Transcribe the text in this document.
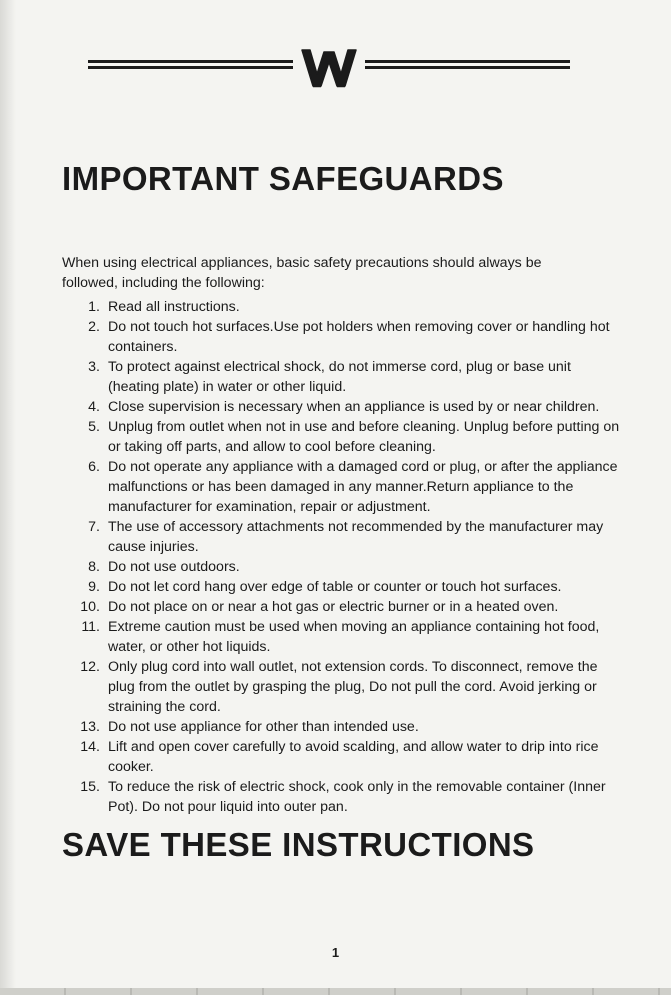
IMPORTANT SAFEGUARDS

When using electrical appliances, basic safety precautions should always be followed, including the following:

1. Read all instructions.
2. Do not touch hot surfaces.Use pot holders when removing cover or handling hot containers.
3. To protect against electrical shock, do not immerse cord, plug or base unit (heating plate) in water or other liquid.
4. Close supervision is necessary when an appliance is used by or near children.
5. Unplug from outlet when not in use and before cleaning. Unplug before putting on or taking off parts, and allow to cool before cleaning.
6. Do not operate any appliance with a damaged cord or plug, or after the appliance malfunctions or has been damaged in any manner.Return appliance to the manufacturer for examination, repair or adjustment.
7. The use of accessory attachments not recommended by the manufacturer may cause injuries.
8. Do not use outdoors.
9. Do not let cord hang over edge of table or counter or touch hot surfaces.
10. Do not place on or near a hot gas or electric burner or in a heated oven.
11. Extreme caution must be used when moving an appliance containing hot food, water, or other hot liquids.
12. Only plug cord into wall outlet, not extension cords. To disconnect, remove the plug from the outlet by grasping the plug, Do not pull the cord. Avoid jerking or straining the cord.
13. Do not use appliance for other than intended use.
14. Lift and open cover carefully to avoid scalding, and allow water to drip into rice cooker.
15. To reduce the risk of electric shock, cook only in the removable container (Inner Pot). Do not pour liquid into outer pan.
SAVE THESE INSTRUCTIONS
1
